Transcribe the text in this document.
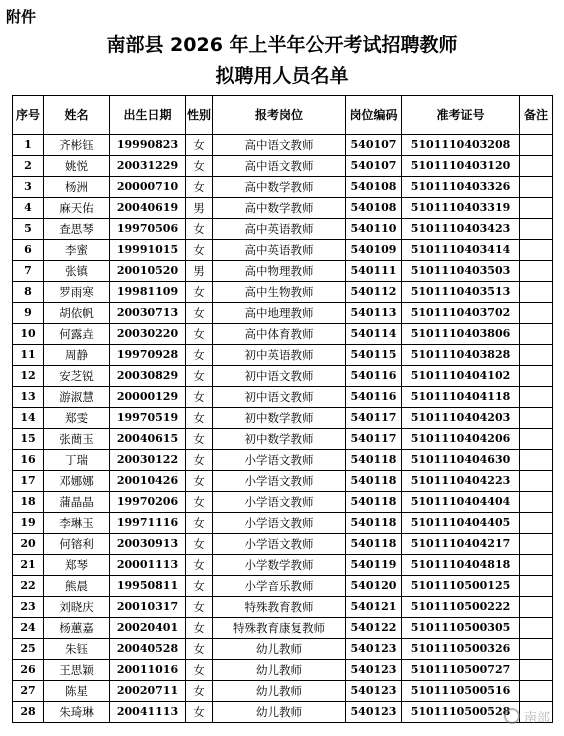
附件
南部县 2026 年上半年公开考试招聘教师
拟聘用人员名单
序号	姓名	出生日期	性别	报考岗位	岗位编码	准考证号	备注
1	齐彬钰	19990823	女	高中语文教师	540107	5101110403208	
2	姚悦	20031229	女	高中语文教师	540107	5101110403120	
3	杨洲	20000710	女	高中数学教师	540108	5101110403326	
4	麻天佑	20040619	男	高中数学教师	540108	5101110403319	
5	查思琴	19970506	女	高中英语教师	540110	5101110403423	
6	李蜜	19991015	女	高中英语教师	540109	5101110403414	
7	张镇	20010520	男	高中物理教师	540111	5101110403503	
8	罗雨寒	19981109	女	高中生物教师	540112	5101110403513	
9	胡依帆	20030713	女	高中地理教师	540113	5101110403702	
10	何露垚	20030220	女	高中体育教师	540114	5101110403806	
11	周静	19970928	女	初中英语教师	540115	5101110403828	
12	安芝锐	20030829	女	初中语文教师	540116	5101110404102	
13	游淑慧	20000129	女	初中语文教师	540116	5101110404118	
14	郑雯	19970519	女	初中数学教师	540117	5101110404203	
15	张蕳玉	20040615	女	初中数学教师	540117	5101110404206	
16	丁瑞	20030122	女	小学语文教师	540118	5101110404630	
17	邓娜娜	20010426	女	小学语文教师	540118	5101110404223	
18	蒲晶晶	19970206	女	小学语文教师	540118	5101110404404	
19	李琳玉	19971116	女	小学语文教师	540118	5101110404405	
20	何镕利	20030913	女	小学语文教师	540118	5101110404217	
21	郑琴	20001113	女	小学数学教师	540119	5101110404818	
22	熊晨	19950811	女	小学音乐教师	540120	5101110500125	
23	刘晓庆	20010317	女	特殊教育教师	540121	5101110500222	
24	杨蕙嘉	20020401	女	特殊教育康复教师	540122	5101110500305	
25	朱钰	20040528	女	幼儿教师	540123	5101110500326	
26	王思颖	20011016	女	幼儿教师	540123	5101110500727	
27	陈星	20020711	女	幼儿教师	540123	5101110500516	
28	朱琦琳	20041113	女	幼儿教师	540123	5101110500528		南部
